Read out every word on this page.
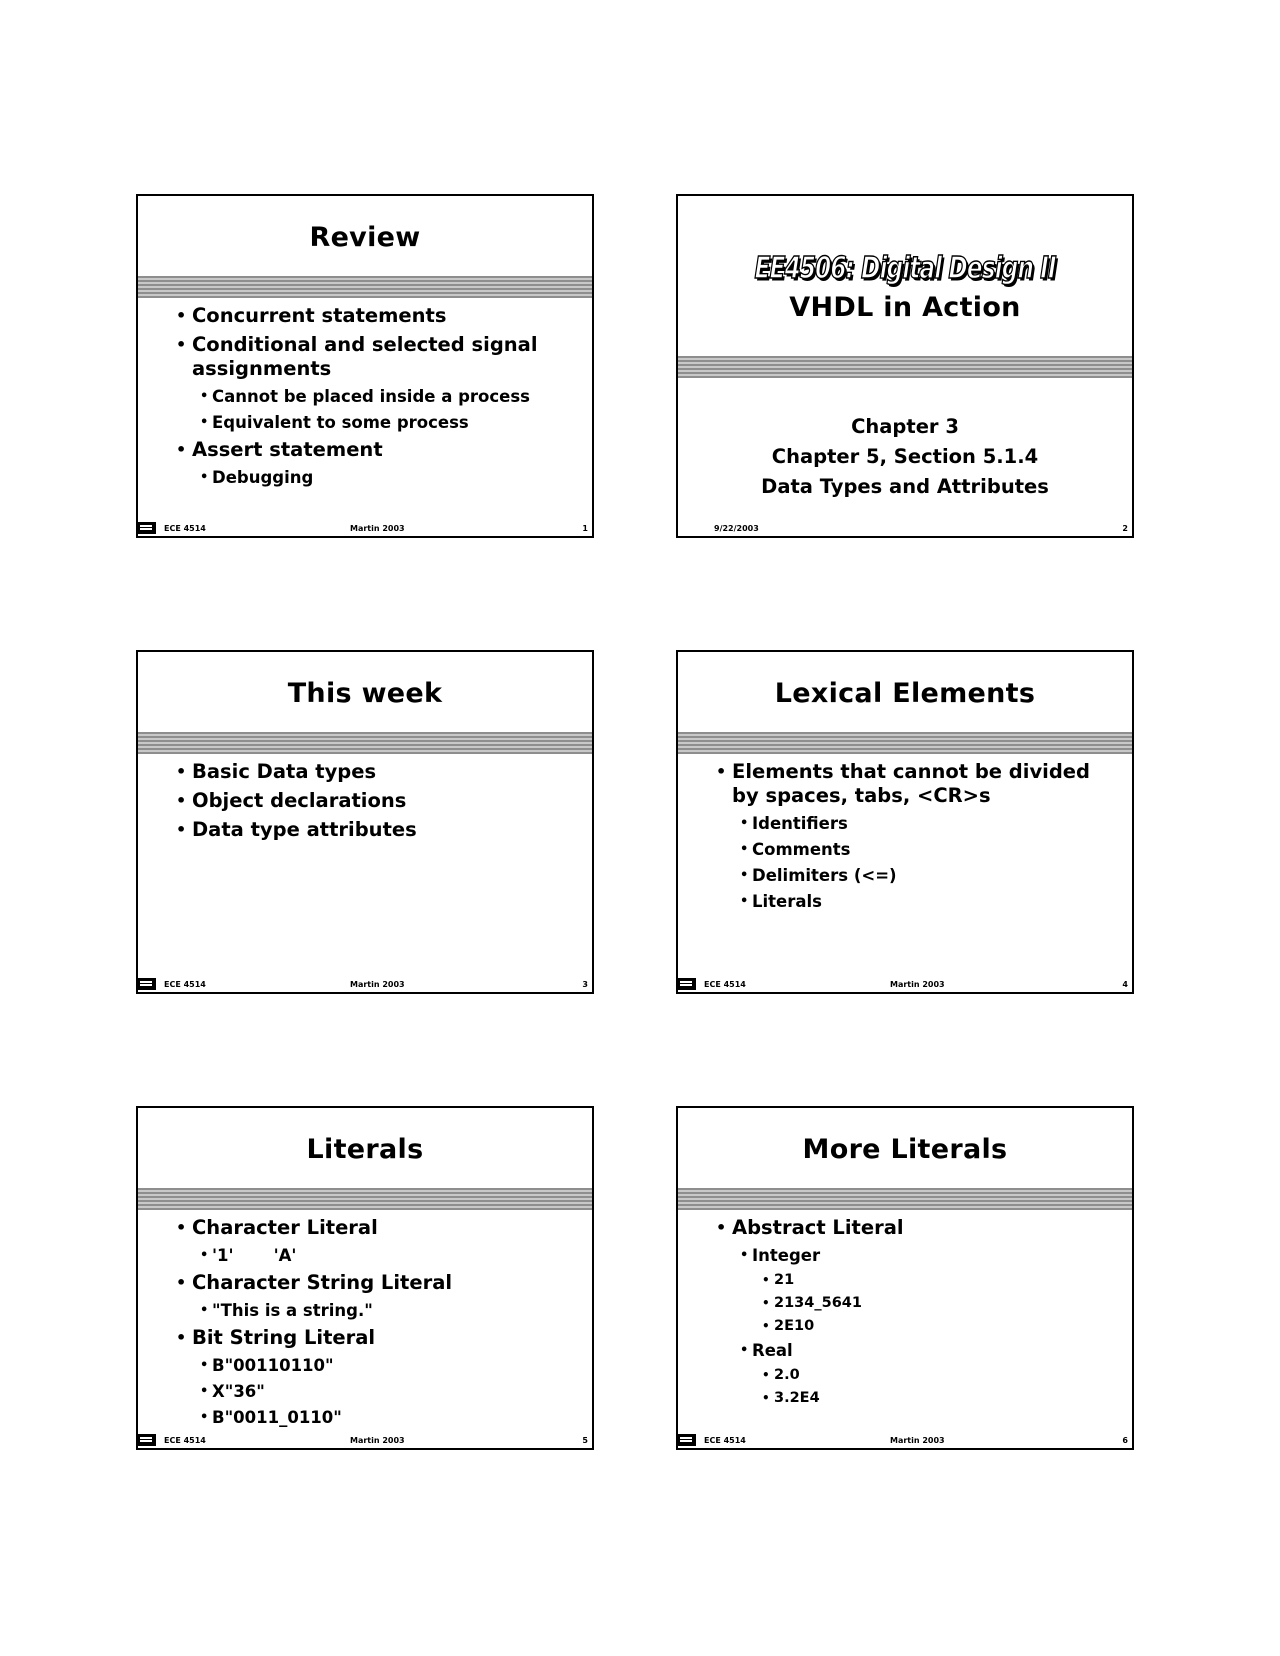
Review
• Concurrent statements
• Conditional and selected signal assignments
• Cannot be placed inside a process
• Equivalent to some process
• Assert statement
• Debugging
ECE 4514	Martin 2003	1
EE4506: Digital Design II
VHDL in Action
Chapter 3
Chapter 5, Section 5.1.4
Data Types and Attributes
9/22/2003	2
This week
• Basic Data types
• Object declarations
• Data type attributes
ECE 4514	Martin 2003	3
Lexical Elements
• Elements that cannot be divided by spaces, tabs, <CR>s
• Identifiers
• Comments
• Delimiters (<=)
• Literals
ECE 4514	Martin 2003	4
Literals
• Character Literal
• '1' 'A'
• Character String Literal
• "This is a string."
• Bit String Literal
• B"00110110"
• X"36"
• B"0011_0110"
ECE 4514	Martin 2003	5
More Literals
• Abstract Literal
• Integer
• 21
• 2134_5641
• 2E10
• Real
• 2.0
• 3.2E4
ECE 4514	Martin 2003	6
